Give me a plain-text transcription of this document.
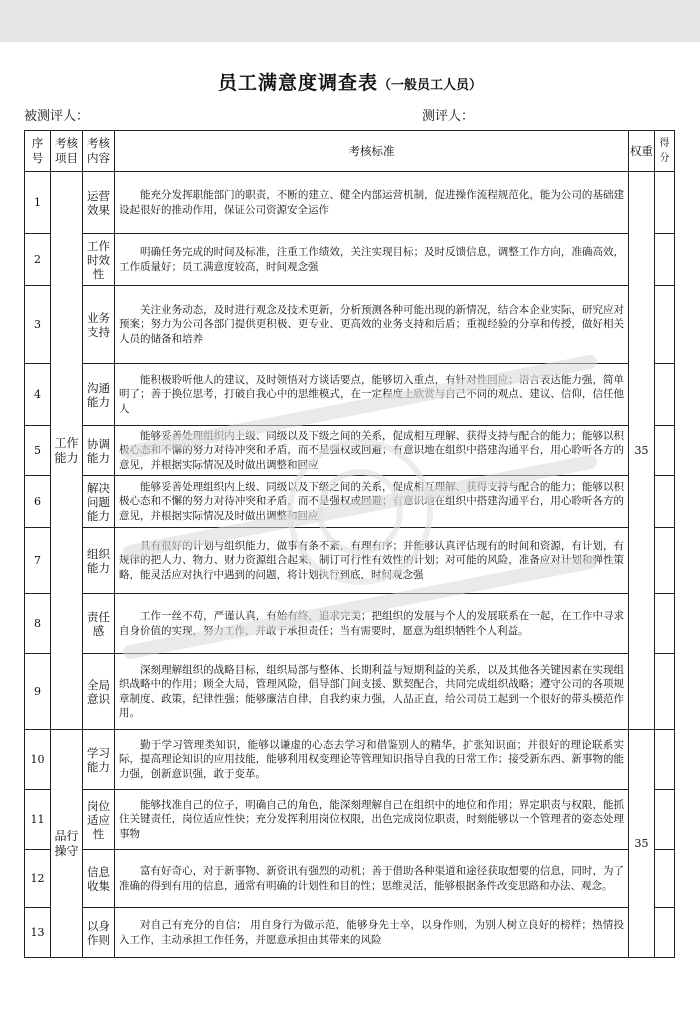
员工满意度调查表（一般员工人员）
被测评人：	测评人：
序号	考核项目	考核内容	考核标准	权重	得分
1	工作能力	运营效果	能充分发挥职能部门的职责，不断的建立、健全内部运营机制，促进操作流程规范化，能为公司的基础建设起很好的推动作用，保证公司资源安全运作	35	
2		工作时效性	明确任务完成的时间及标准，注重工作绩效，关注实现目标；及时反馈信息，调整工作方向，准确高效，工作质量好；员工满意度较高，时间观念强		

3		业务支持	关注业务动态，及时进行观念及技术更新，分析预测各种可能出现的新情况，结合本企业实际，研究应对预案；努力为公司各部门提供更积极、更专业、更高效的业务支持和后盾；重视经验的分享和传授，做好相关人员的储备和培养		

4		沟通能力	能积极聆听他人的建议，及时领悟对方谈话要点，能够切入重点，有针对性回应；语言表达能力强，简单明了；善于换位思考，打破自我心中的思维模式，在一定程度上欣赏与自己不同的观点、建议、信仰，信任他人		

5		协调能力	能够妥善处理组织内上级、同级以及下级之间的关系，促成相互理解、获得支持与配合的能力；能够以积极心态和不懈的努力对待冲突和矛盾，而不是强权或回避；有意识地在组织中搭建沟通平台，用心聆听各方的意见，并根据实际情况及时做出调整和回应		

6		解决问题能力	能够妥善处理组织内上级、同级以及下级之间的关系，促成相互理解、获得支持与配合的能力；能够以积极心态和不懈的努力对待冲突和矛盾，而不是强权或回避；有意识地在组织中搭建沟通平台，用心聆听各方的意见，并根据实际情况及时做出调整和回应		

7		组织能力	具有很好的计划与组织能力，做事有条不紊，有理有序；并能够认真评估现有的时间和资源，有计划，有规律的把人力、物力、财力资源组合起来，制订可行性有效性的计划；对可能的风险，准备应对计划和弹性策略，能灵活应对执行中遇到的问题，将计划执行到底，时间观念强		

8		责任感	工作一丝不苟，严谨认真，有始有终，追求完美；把组织的发展与个人的发展联系在一起，在工作中寻求自身价值的实现，努力工作，并敢于承担责任；当有需要时，愿意为组织牺牲个人利益。		

9		全局意识	深刻理解组织的战略目标，组织局部与整体、长期利益与短期利益的关系，以及其他各关键因素在实现组织战略中的作用；顾全大局，管理风险，倡导部门间支援、默契配合，共同完成组织战略；遵守公司的各项规章制度、政策，纪律性强；能够廉洁自律，自我约束力强，人品正直，给公司员工起到一个很好的带头模范作用。		

10	品行操守	学习能力	勤于学习管理类知识，能够以谦虚的心态去学习和借鉴别人的精华，扩张知识面；并很好的理论联系实际，提高理论知识的应用技能，能够利用权变理论等管理知识指导自我的日常工作；接受新东西、新事物的能力强，创新意识强，敢于变革。	35	
11		岗位适应性	能够找准自己的位子，明确自己的角色，能深刻理解自己在组织中的地位和作用；界定职责与权限，能抓住关键责任，岗位适应性快；充分发挥利用岗位权限，出色完成岗位职责，时刻能够以一个管理者的姿态处理事物		

12		信息收集	富有好奇心，对于新事物、新资讯有强烈的动机；善于借助各种渠道和途径获取想要的信息，同时，为了准确的得到有用的信息，通常有明确的计划性和目的性；思维灵活，能够根据条件改变思路和办法、观念。		

13		以身作则	对自己有充分的自信； 用自身行为做示范，能够身先士卒，以身作则，为别人树立良好的榜样；热情投入工作，主动承担工作任务，并愿意承担由其带来的风险		
